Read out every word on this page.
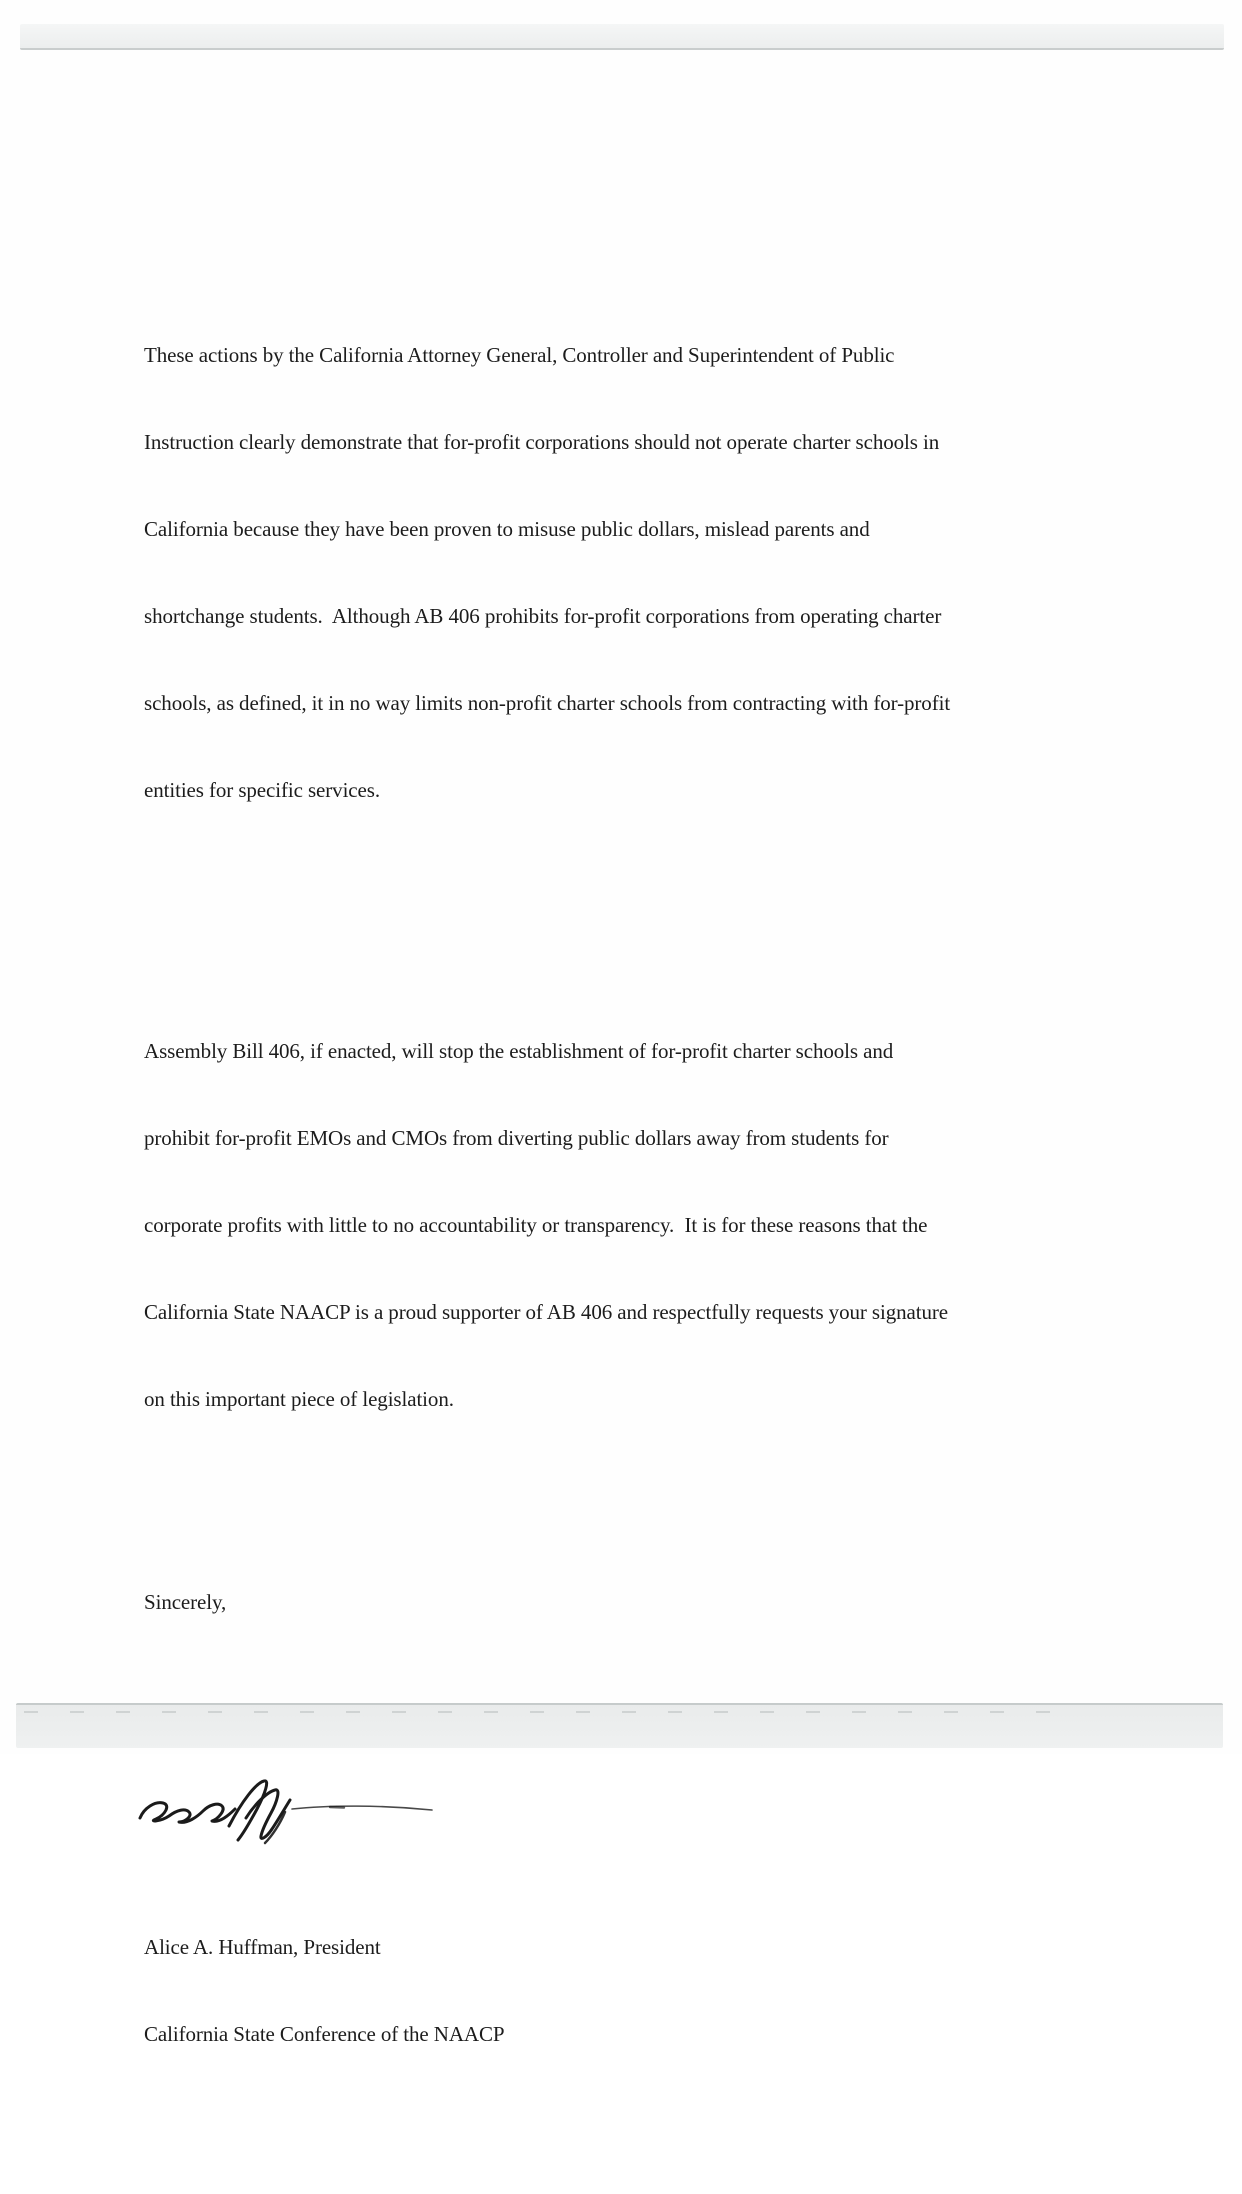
These actions by the California Attorney General, Controller and Superintendent of Public

Instruction clearly demonstrate that for-profit corporations should not operate charter schools in

California because they have been proven to misuse public dollars, mislead parents and

shortchange students.  Although AB 406 prohibits for-profit corporations from operating charter

schools, as defined, it in no way limits non-profit charter schools from contracting with for-profit

entities for specific services.

Assembly Bill 406, if enacted, will stop the establishment of for-profit charter schools and

prohibit for-profit EMOs and CMOs from diverting public dollars away from students for

corporate profits with little to no accountability or transparency.  It is for these reasons that the

California State NAACP is a proud supporter of AB 406 and respectfully requests your signature

on this important piece of legislation.

Sincerely,

Alice A. Huffman, President

California State Conference of the NAACP
